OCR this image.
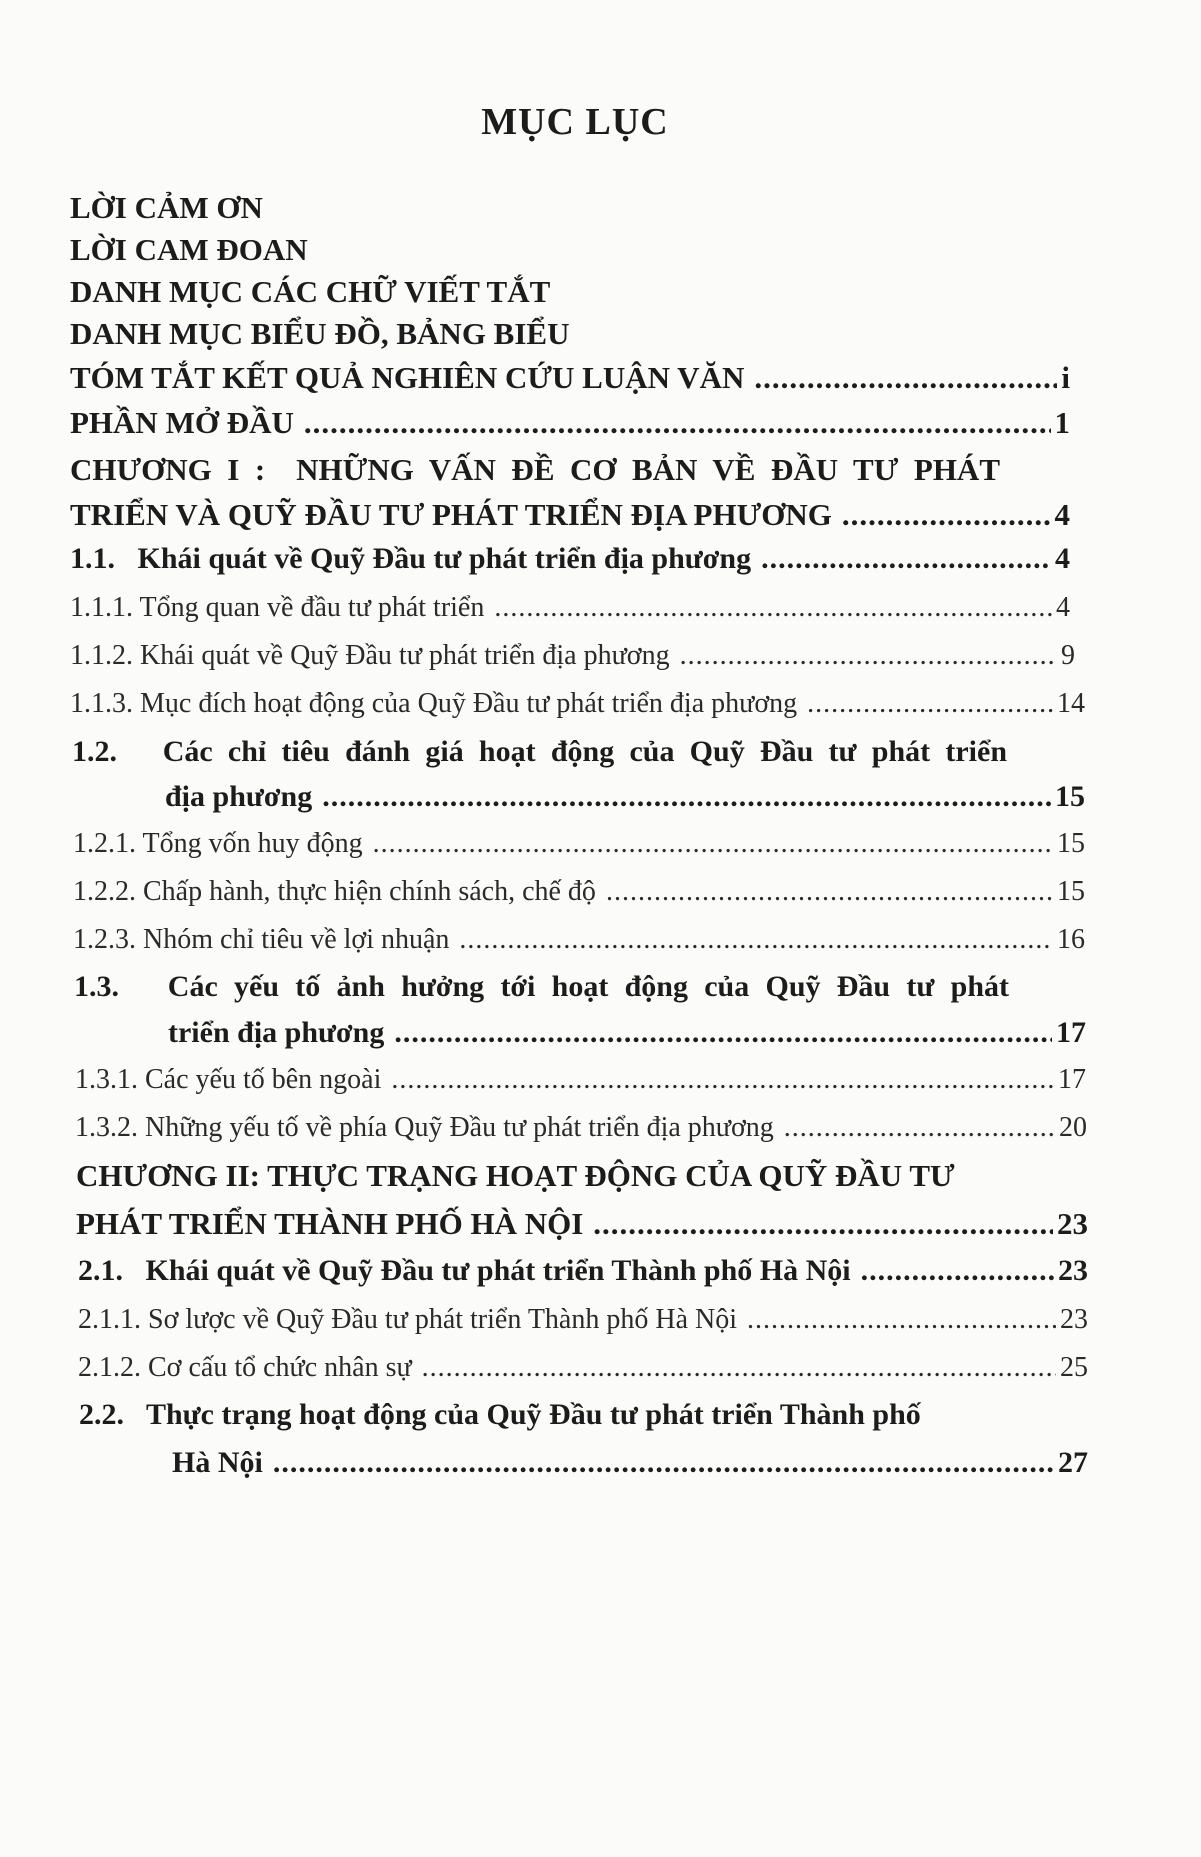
MỤC LỤC
LỜI CẢM ƠN
LỜI CAM ĐOAN
DANH MỤC CÁC CHỮ VIẾT TẮT
DANH MỤC BIỂU ĐỒ, BẢNG BIỂU
TÓM TẮT KẾT QUẢ NGHIÊN CỨU LUẬN VĂN .....	i
PHẦN MỞ ĐẦU .....	1
CHƯƠNG I :  NHỮNG VẤN ĐỀ CƠ BẢN VỀ ĐẦU TƯ PHÁT
TRIỂN VÀ QUỸ ĐẦU TƯ PHÁT TRIỂN ĐỊA PHƯƠNG .....	4
1.1.   Khái quát về Quỹ Đầu tư phát triển địa phương .....	4
1.1.1. Tổng quan về đầu tư phát triển .....	4
1.1.2. Khái quát về Quỹ Đầu tư phát triển địa phương .....	9
1.1.3. Mục đích hoạt động của Quỹ Đầu tư phát triển địa phương .....	14
1.2.   Các chỉ tiêu đánh giá hoạt động của Quỹ Đầu tư phát triển
địa phương .....	15
1.2.1. Tổng vốn huy động .....	15
1.2.2. Chấp hành, thực hiện chính sách, chế độ .....	15
1.2.3. Nhóm chỉ tiêu về lợi nhuận .....	16
1.3.   Các yếu tố ảnh hưởng tới hoạt động của Quỹ Đầu tư phát
triển địa phương .....	17
1.3.1. Các yếu tố bên ngoài .....	17
1.3.2. Những yếu tố về phía Quỹ Đầu tư phát triển địa phương .....	20
CHƯƠNG II: THỰC TRẠNG HOẠT ĐỘNG CỦA QUỸ ĐẦU TƯ
PHÁT TRIỂN THÀNH PHỐ HÀ NỘI .....	23
2.1.   Khái quát về Quỹ Đầu tư phát triển Thành phố Hà Nội .....	23
2.1.1. Sơ lược về Quỹ Đầu tư phát triển Thành phố Hà Nội .....	23
2.1.2. Cơ cấu tổ chức nhân sự .....	25
2.2.   Thực trạng hoạt động của Quỹ Đầu tư phát triển Thành phố
Hà Nội .....	27
